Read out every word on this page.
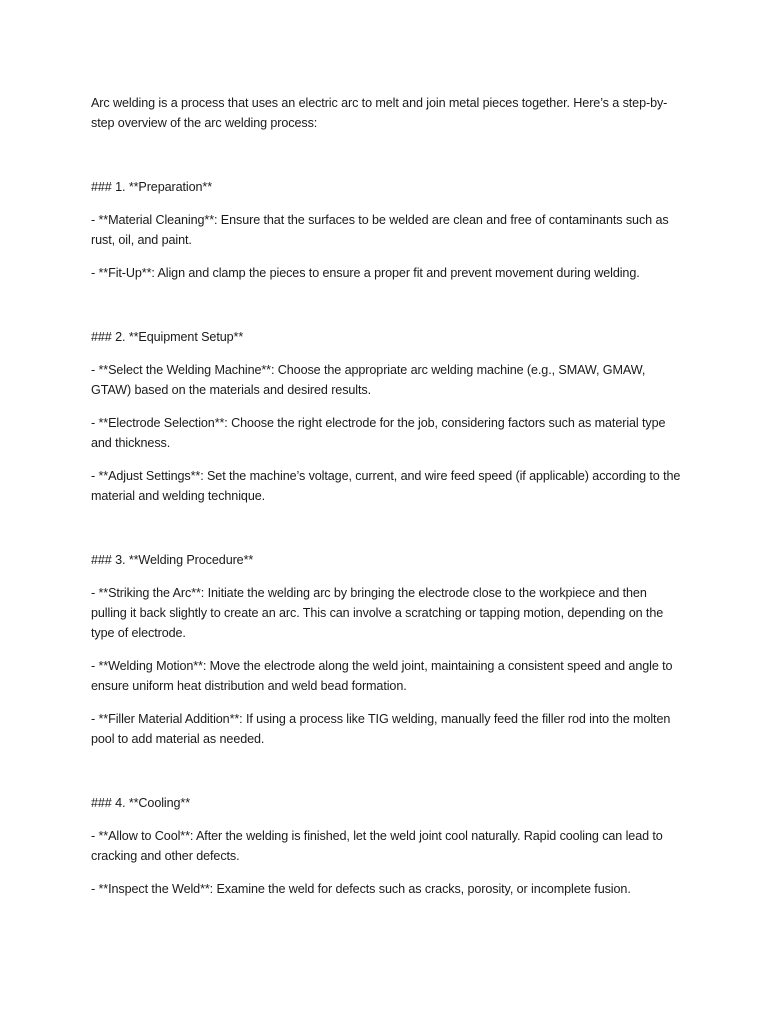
Arc welding is a process that uses an electric arc to melt and join metal pieces together. Here’s a step-by-step overview of the arc welding process:

### 1. **Preparation**

- **Material Cleaning**: Ensure that the surfaces to be welded are clean and free of contaminants such as rust, oil, and paint.

- **Fit-Up**: Align and clamp the pieces to ensure a proper fit and prevent movement during welding.

### 2. **Equipment Setup**

- **Select the Welding Machine**: Choose the appropriate arc welding machine (e.g., SMAW, GMAW, GTAW) based on the materials and desired results.

- **Electrode Selection**: Choose the right electrode for the job, considering factors such as material type and thickness.

- **Adjust Settings**: Set the machine’s voltage, current, and wire feed speed (if applicable) according to the material and welding technique.

### 3. **Welding Procedure**

- **Striking the Arc**: Initiate the welding arc by bringing the electrode close to the workpiece and then pulling it back slightly to create an arc. This can involve a scratching or tapping motion, depending on the type of electrode.

- **Welding Motion**: Move the electrode along the weld joint, maintaining a consistent speed and angle to ensure uniform heat distribution and weld bead formation.

- **Filler Material Addition**: If using a process like TIG welding, manually feed the filler rod into the molten pool to add material as needed.

### 4. **Cooling**

- **Allow to Cool**: After the welding is finished, let the weld joint cool naturally. Rapid cooling can lead to cracking and other defects.

- **Inspect the Weld**: Examine the weld for defects such as cracks, porosity, or incomplete fusion.
